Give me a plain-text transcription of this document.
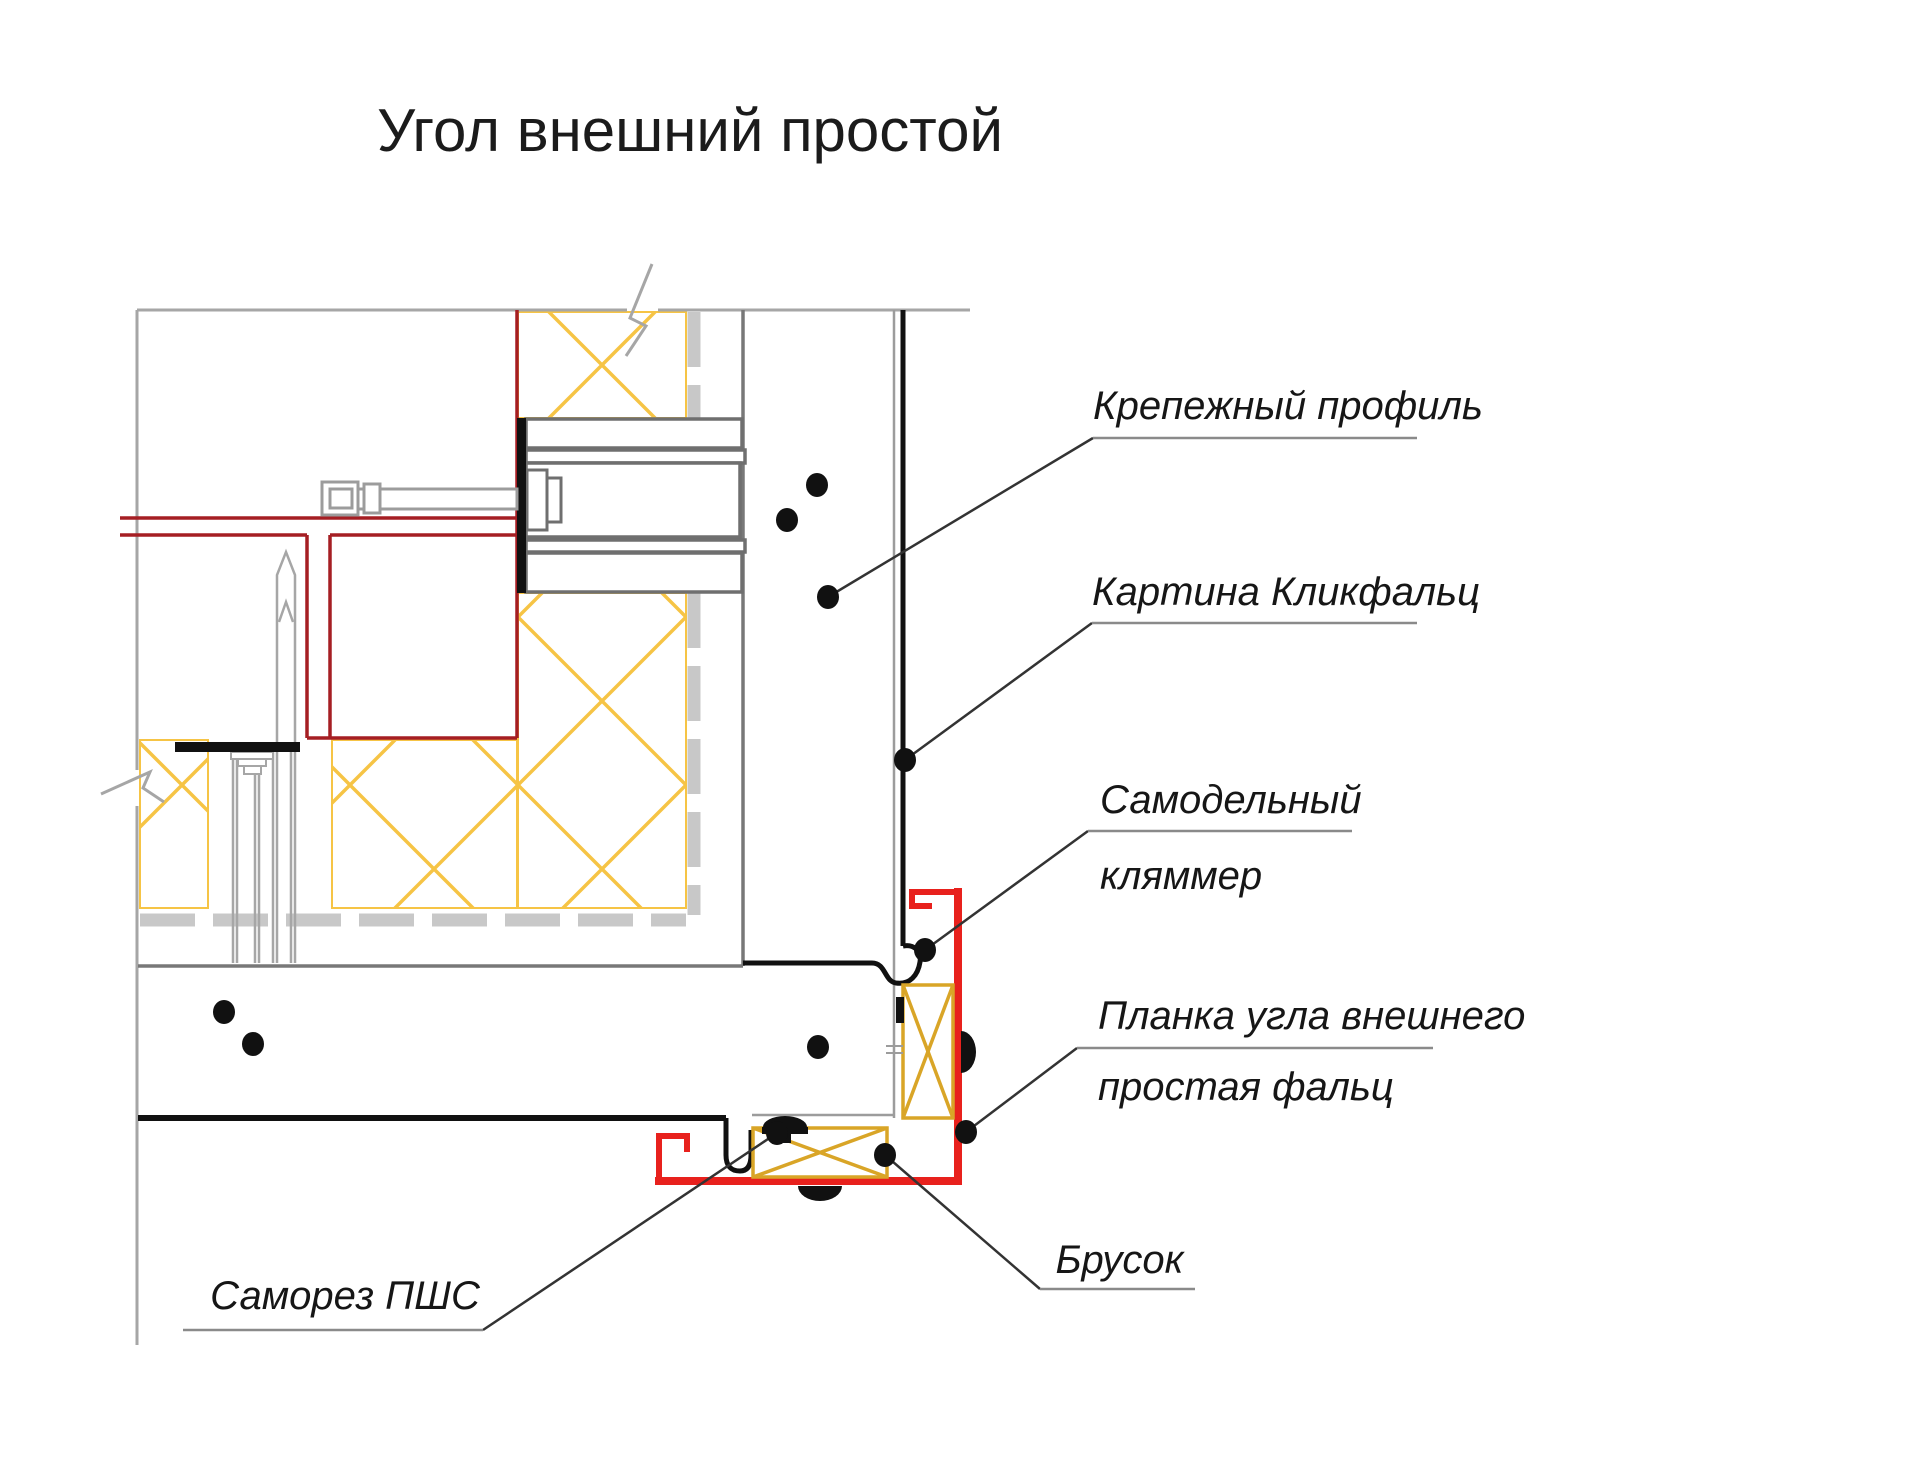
Угол внешний простой
Крепежный профиль
Картина Кликфальц
Самодельный
кляммер
Планка угла внешнего
простая фальц
Брусок
Саморез ПШС
